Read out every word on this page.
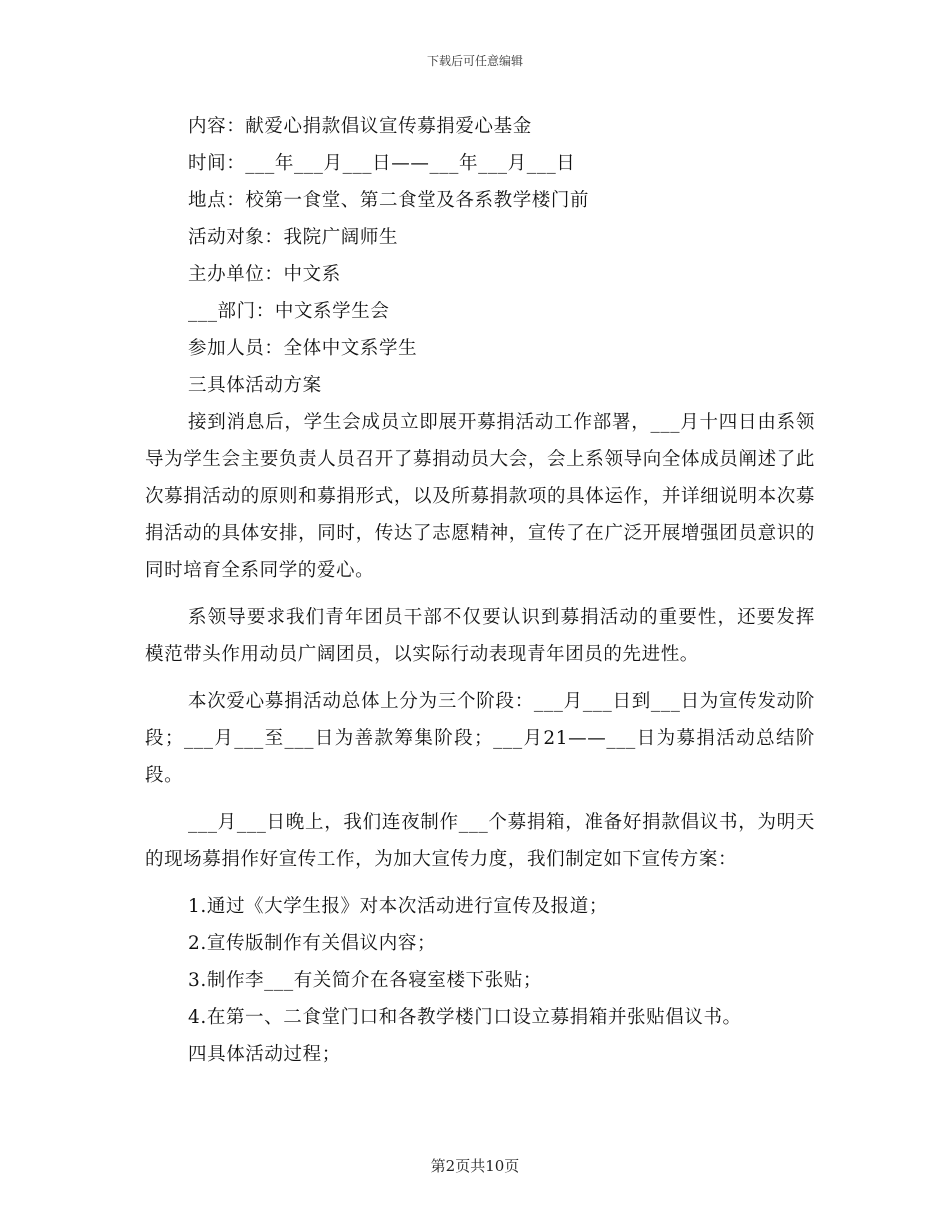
下载后可任意编辑
内容：献爱心捐款倡议宣传募捐爱心基金
时间：___年___月___日——___年___月___日
地点：校第一食堂、第二食堂及各系教学楼门前
活动对象：我院广阔师生
主办单位：中文系
___部门：中文系学生会
参加人员：全体中文系学生
三具体活动方案

接到消息后，学生会成员立即展开募捐活动工作部署，___月十四日由系领导为学生会主要负责人员召开了募捐动员大会，会上系领导向全体成员阐述了此次募捐活动的原则和募捐形式，以及所募捐款项的具体运作，并详细说明本次募捐活动的具体安排，同时，传达了志愿精神，宣传了在广泛开展增强团员意识的同时培育全系同学的爱心。

系领导要求我们青年团员干部不仅要认识到募捐活动的重要性，还要发挥模范带头作用动员广阔团员，以实际行动表现青年团员的先进性。

本次爱心募捐活动总体上分为三个阶段：___月___日到___日为宣传发动阶段；___月___至___日为善款筹集阶段；___月21——___日为募捐活动总结阶段。

___月___日晚上，我们连夜制作___个募捐箱，准备好捐款倡议书，为明天的现场募捐作好宣传工作，为加大宣传力度，我们制定如下宣传方案：

1.通过《大学生报》对本次活动进行宣传及报道；
2.宣传版制作有关倡议内容；
3.制作李___有关简介在各寝室楼下张贴；
4.在第一、二食堂门口和各教学楼门口设立募捐箱并张贴倡议书。
四具体活动过程；
第2页共10页
